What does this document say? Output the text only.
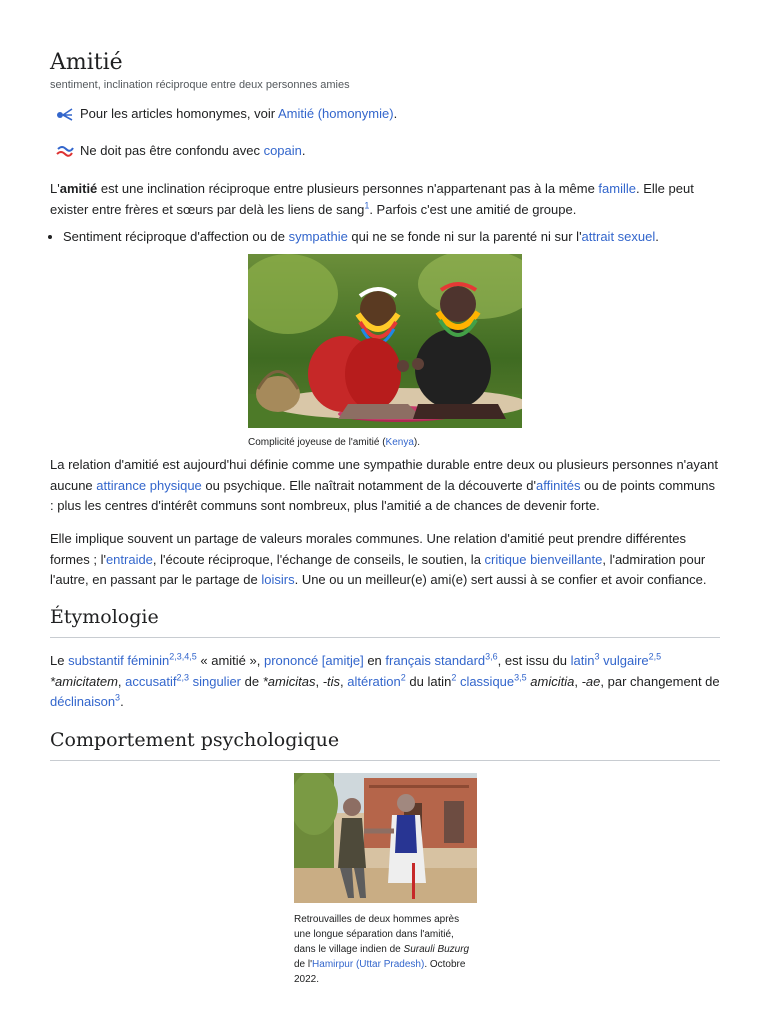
Amitié
sentiment, inclination réciproque entre deux personnes amies
Pour les articles homonymes, voir Amitié (homonymie).
Ne doit pas être confondu avec copain.

L'amitié est une inclination réciproque entre plusieurs personnes n'appartenant pas à la même famille. Elle peut exister entre frères et sœurs par delà les liens de sang$^1$. Parfois c'est une amitié de groupe.

• Sentiment réciproque d'affection ou de sympathie qui ne se fonde ni sur la parenté ni sur l'attrait sexuel.
Complicité joyeuse de l'amitié (Kenya).

La relation d'amitié est aujourd'hui définie comme une sympathie durable entre deux ou plusieurs personnes n'ayant aucune attirance physique ou psychique. Elle naîtrait notamment de la découverte d'affinités ou de points communs : plus les centres d'intérêt communs sont nombreux, plus l'amitié a de chances de devenir forte.

Elle implique souvent un partage de valeurs morales communes. Une relation d'amitié peut prendre différentes formes ; l'entraide, l'écoute réciproque, l'échange de conseils, le soutien, la critique bienveillante, l'admiration pour l'autre, en passant par le partage de loisirs. Une ou un meilleur(e) ami(e) sert aussi à se confier et avoir confiance.

Étymologie

Le substantif féminin$^{2,3,4,5}$ « amitié », prononcé [amitje] en français standard$^{3,6}$, est issu du latin$^3$ vulgaire$^{2,5}$ *amicitatem, accusatif$^{2,3}$ singulier de *amicitas, -tis, altération$^2$ du latin$^2$ classique$^{3,5}$ amicitia, -ae, par changement de déclinaison$^3$.

Comportement psychologique
Retrouvailles de deux hommes après une longue séparation dans l'amitié, dans le village indien de Surauli Buzurg de l'Hamirpur (Uttar Pradesh). Octobre 2022.
